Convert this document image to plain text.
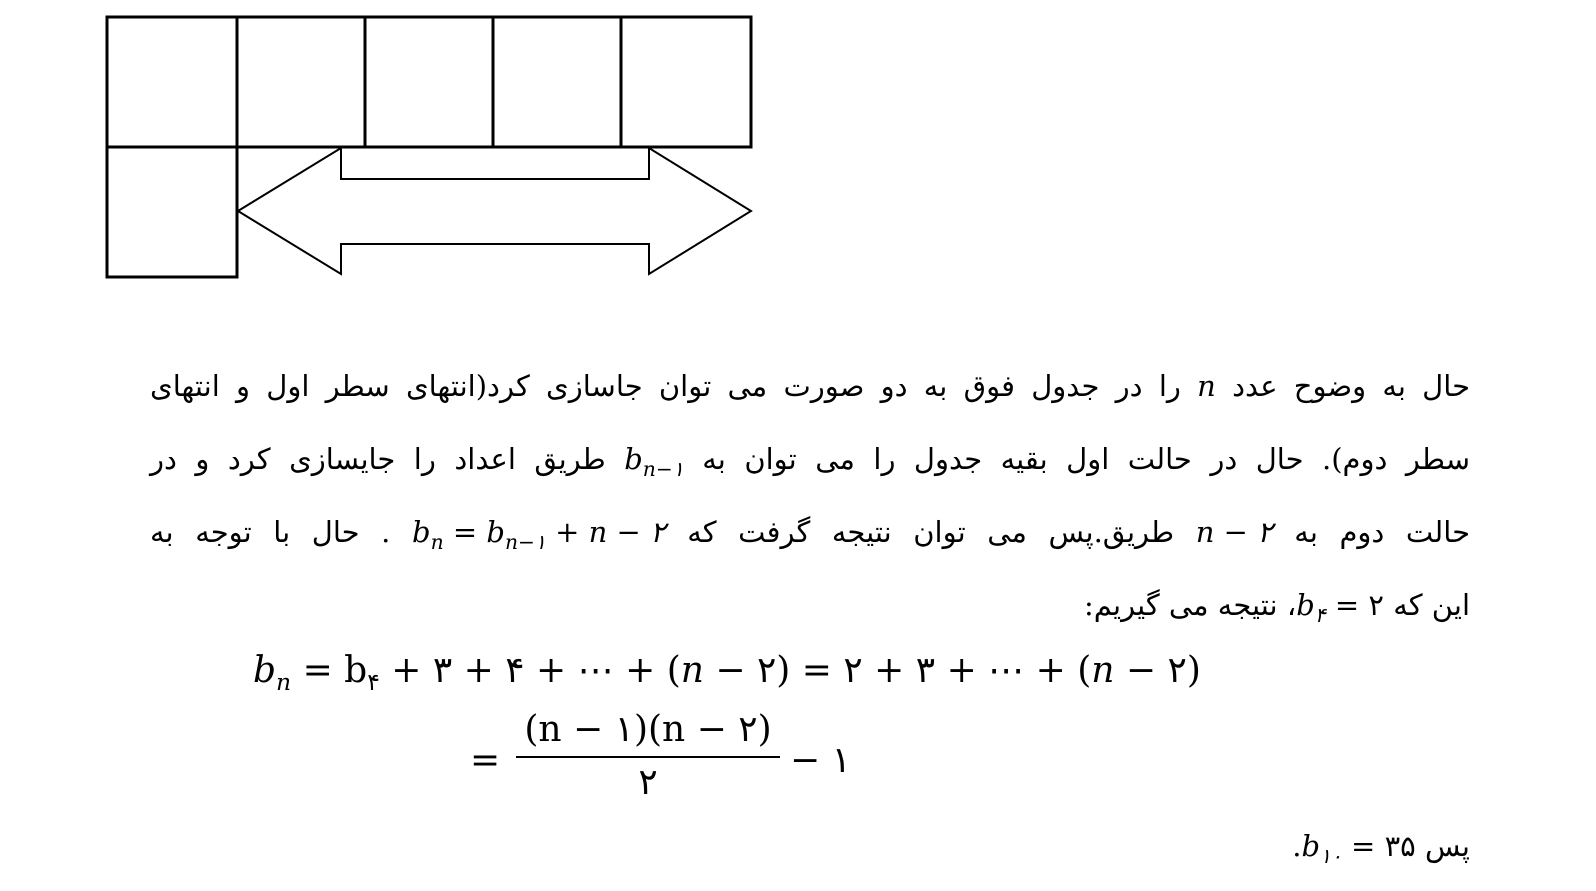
حال به وضوح عدد n را در جدول فوق به دو صورت می توان جاسازی کرد(انتهای سطر اول و انتهای
سطر دوم). حال در حالت اول بقیه جدول را می توان به $b_{n-۱}$ طریق اعداد را جایسازی کرد و در
حالت دوم به n − ۲ طریق.پس می توان نتیجه گرفت که $b_n = b_{n-۱} + n$ − ۲ . حال با توجه به
این که $b_۴$ = ۲، نتیجه می گیریم:
$b_n = b_۴$ + ۳ + ۴ + ⋯ + (n − ۲) = ۲ + ۳ + ⋯ + (n − ۲)
=
(n − ۱)(n − ۲)
۲
− ۱
پس $b_{۱۰}$ = ۳۵.
